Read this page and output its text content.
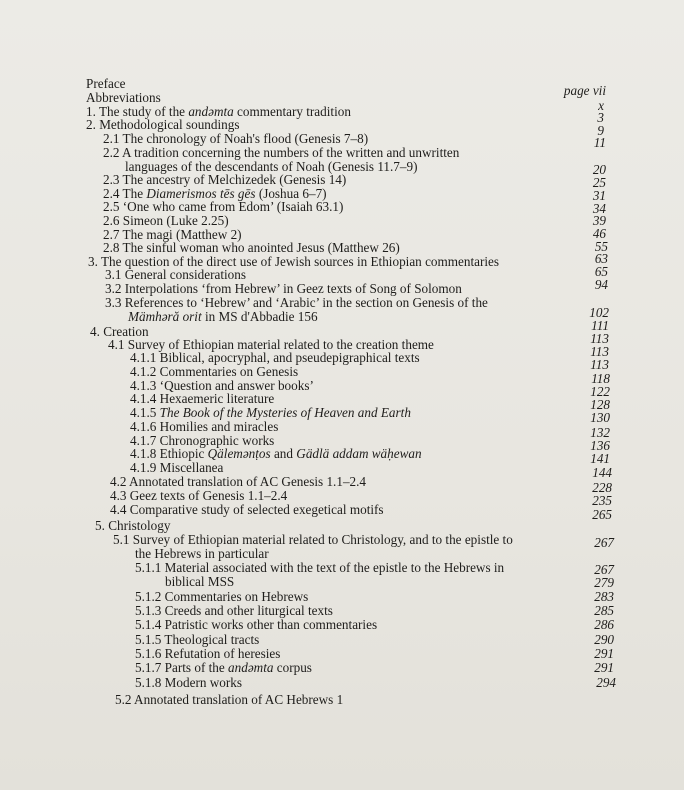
Preface
Abbreviations
1. The study of the andəmta commentary tradition
2. Methodological soundings
2.1 The chronology of Noah's flood (Genesis 7–8)
2.2 A tradition concerning the numbers of the written and unwritten
languages of the descendants of Noah (Genesis 11.7–9)
2.3 The ancestry of Melchizedek (Genesis 14)
2.4 The Diamerismos tēs gēs (Joshua 6–7)
2.5 ‘One who came from Edom’ (Isaiah 63.1)
2.6 Simeon (Luke 2.25)
2.7 The magi (Matthew 2)
2.8 The sinful woman who anointed Jesus (Matthew 26)
3. The question of the direct use of Jewish sources in Ethiopian commentaries
3.1 General considerations
3.2 Interpolations ‘from Hebrew’ in Geez texts of Song of Solomon
3.3 References to ‘Hebrew’ and ‘Arabic’ in the section on Genesis of the
Mämhəră orit in MS d'Abbadie 156
4. Creation
4.1 Survey of Ethiopian material related to the creation theme
4.1.1 Biblical, apocryphal, and pseudepigraphical texts
4.1.2 Commentaries on Genesis
4.1.3 ‘Question and answer books’
4.1.4 Hexaemeric literature
4.1.5 The Book of the Mysteries of Heaven and Earth
4.1.6 Homilies and miracles
4.1.7 Chronographic works
4.1.8 Ethiopic Qälemənṭos and Gädlä addam wäḥewan
4.1.9 Miscellanea
4.2 Annotated translation of AC Genesis 1.1–2.4
4.3 Geez texts of Genesis 1.1–2.4
4.4 Comparative study of selected exegetical motifs
5. Christology
5.1 Survey of Ethiopian material related to Christology, and to the epistle to
the Hebrews in particular
5.1.1 Material associated with the text of the epistle to the Hebrews in
biblical MSS
5.1.2 Commentaries on Hebrews
5.1.3 Creeds and other liturgical texts
5.1.4 Patristic works other than commentaries
5.1.5 Theological tracts
5.1.6 Refutation of heresies
5.1.7 Parts of the andəmta corpus
5.1.8 Modern works
5.2 Annotated translation of AC Hebrews 1
page vii
x
3
9
11
20
25
31
34
39
46
55
63
65
94
102
111
113
113
113
118
122
128
130
132
136
141
144
228
235
265
267
267
279
283
285
286
290
291
291
294
